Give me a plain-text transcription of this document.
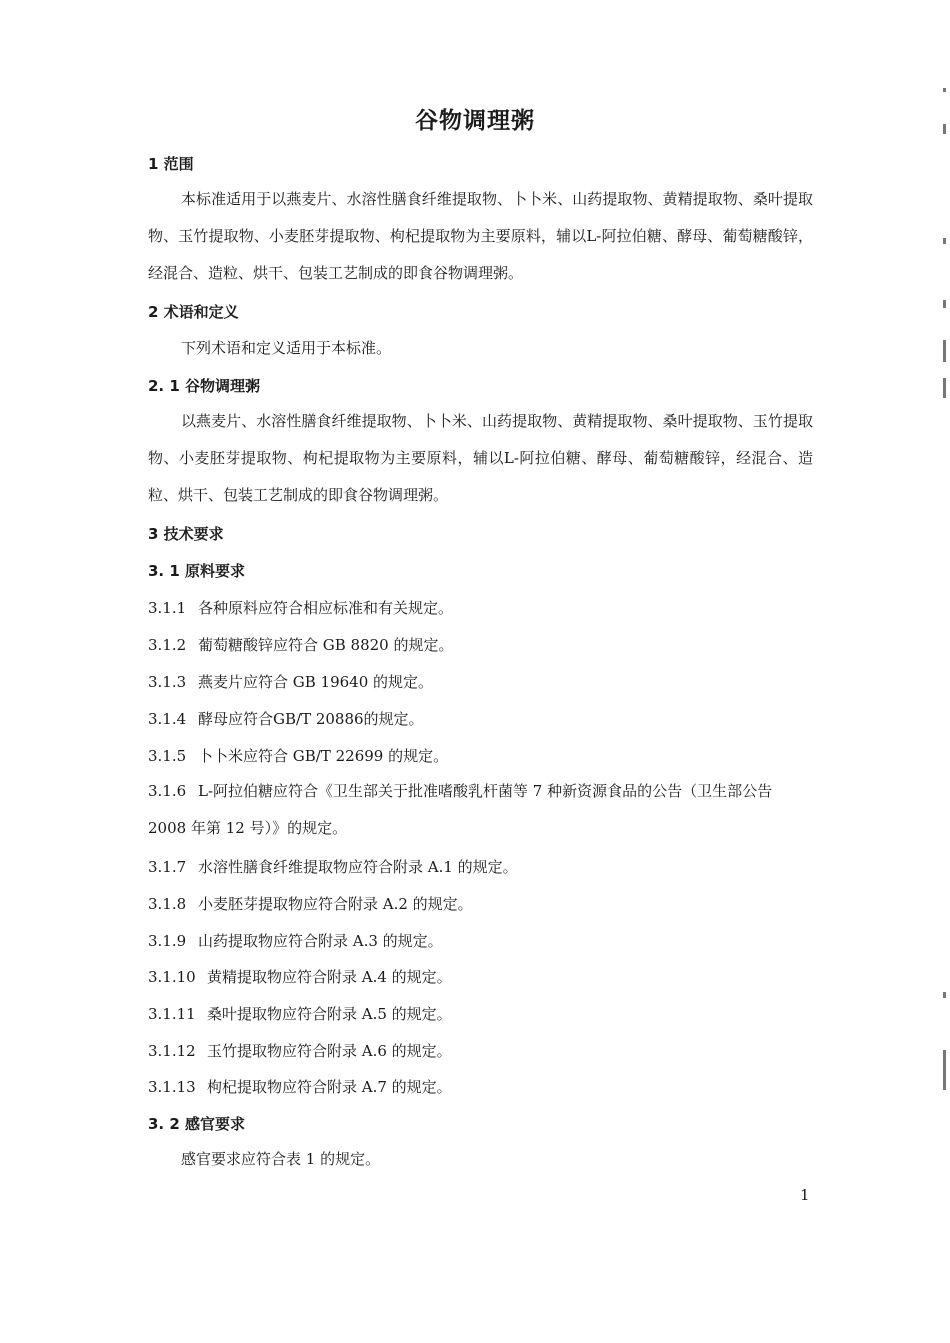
谷物调理粥
1 范围
本标准适用于以燕麦片、水溶性膳食纤维提取物、卜卜米、山药提取物、黄精提取物、桑叶提取物、玉竹提取物、小麦胚芽提取物、枸杞提取物为主要原料，辅以L-阿拉伯糖、酵母、葡萄糖酸锌，经混合、造粒、烘干、包装工艺制成的即食谷物调理粥。
2 术语和定义
下列术语和定义适用于本标准。
2. 1 谷物调理粥
以燕麦片、水溶性膳食纤维提取物、卜卜米、山药提取物、黄精提取物、桑叶提取物、玉竹提取物、小麦胚芽提取物、枸杞提取物为主要原料，辅以L-阿拉伯糖、酵母、葡萄糖酸锌，经混合、造粒、烘干、包装工艺制成的即食谷物调理粥。
3 技术要求
3. 1 原料要求
3.1.1 各种原料应符合相应标准和有关规定。
3.1.2 葡萄糖酸锌应符合 GB 8820 的规定。
3.1.3 燕麦片应符合 GB 19640 的规定。
3.1.4 酵母应符合GB/T 20886的规定。
3.1.5 卜卜米应符合 GB/T 22699 的规定。
3.1.6 L-阿拉伯糖应符合《卫生部关于批准嗜酸乳杆菌等 7 种新资源食品的公告（卫生部公告 2008 年第 12 号）》的规定。
3.1.7 水溶性膳食纤维提取物应符合附录 A.1 的规定。
3.1.8 小麦胚芽提取物应符合附录 A.2 的规定。
3.1.9 山药提取物应符合附录 A.3 的规定。
3.1.10 黄精提取物应符合附录 A.4 的规定。
3.1.11 桑叶提取物应符合附录 A.5 的规定。
3.1.12 玉竹提取物应符合附录 A.6 的规定。
3.1.13 枸杞提取物应符合附录 A.7 的规定。
3. 2 感官要求
感官要求应符合表 1 的规定。
1
